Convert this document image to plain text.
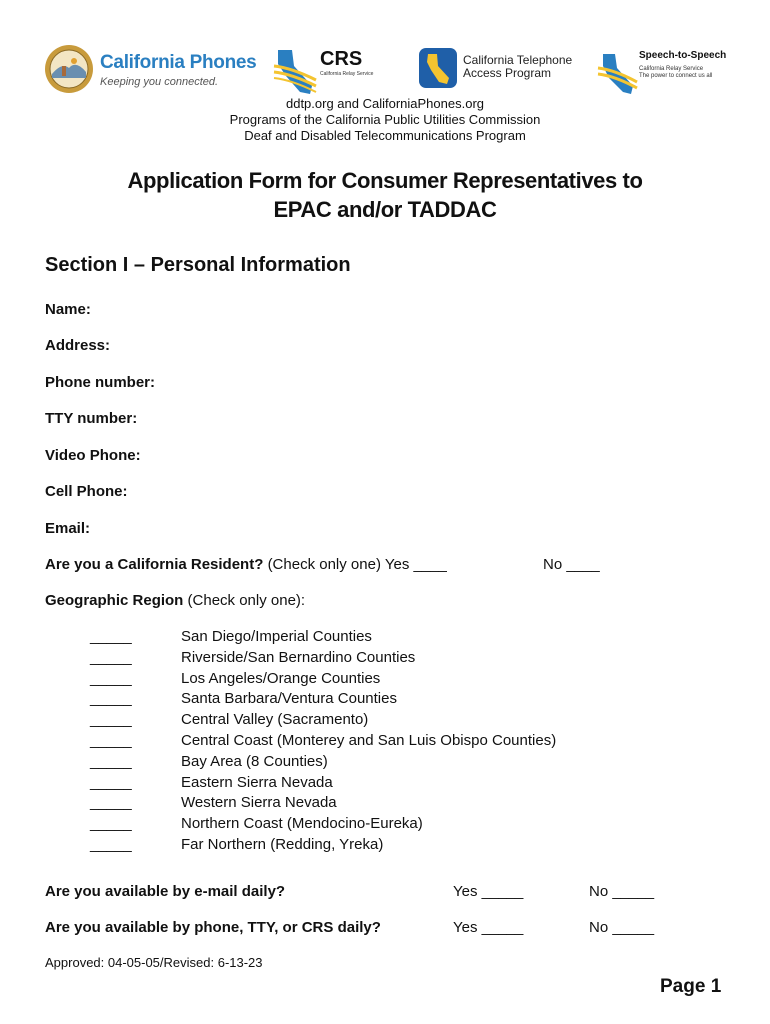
California Phones
Keeping you connected.
CRS
California Relay Service
California Telephone
Access Program
Speech-to-Speech
California Relay Service
The power to connect us all
ddtp.org and CaliforniaPhones.org
Programs of the California Public Utilities Commission
Deaf and Disabled Telecommunications Program
Application Form for Consumer Representatives to
EPAC and/or TADDAC
Section I – Personal Information
Name:
Address:
Phone number:
TTY number:
Video Phone:
Cell Phone:
Email:
Are you a California Resident? (Check only one) Yes ____	No ____
Geographic Region (Check only one):
_____	San Diego/Imperial Counties
_____	Riverside/San Bernardino Counties
_____	Los Angeles/Orange Counties
_____	Santa Barbara/Ventura Counties
_____	Central Valley (Sacramento)
_____	Central Coast (Monterey and San Luis Obispo Counties)
_____	Bay Area (8 Counties)
_____	Eastern Sierra Nevada
_____	Western Sierra Nevada
_____	Northern Coast (Mendocino-Eureka)
_____	Far Northern (Redding, Yreka)
Are you available by e-mail daily?	Yes _____	No _____
Are you available by phone, TTY, or CRS daily?	Yes _____	No _____
Approved: 04-05-05/Revised: 6-13-23
Page 1
